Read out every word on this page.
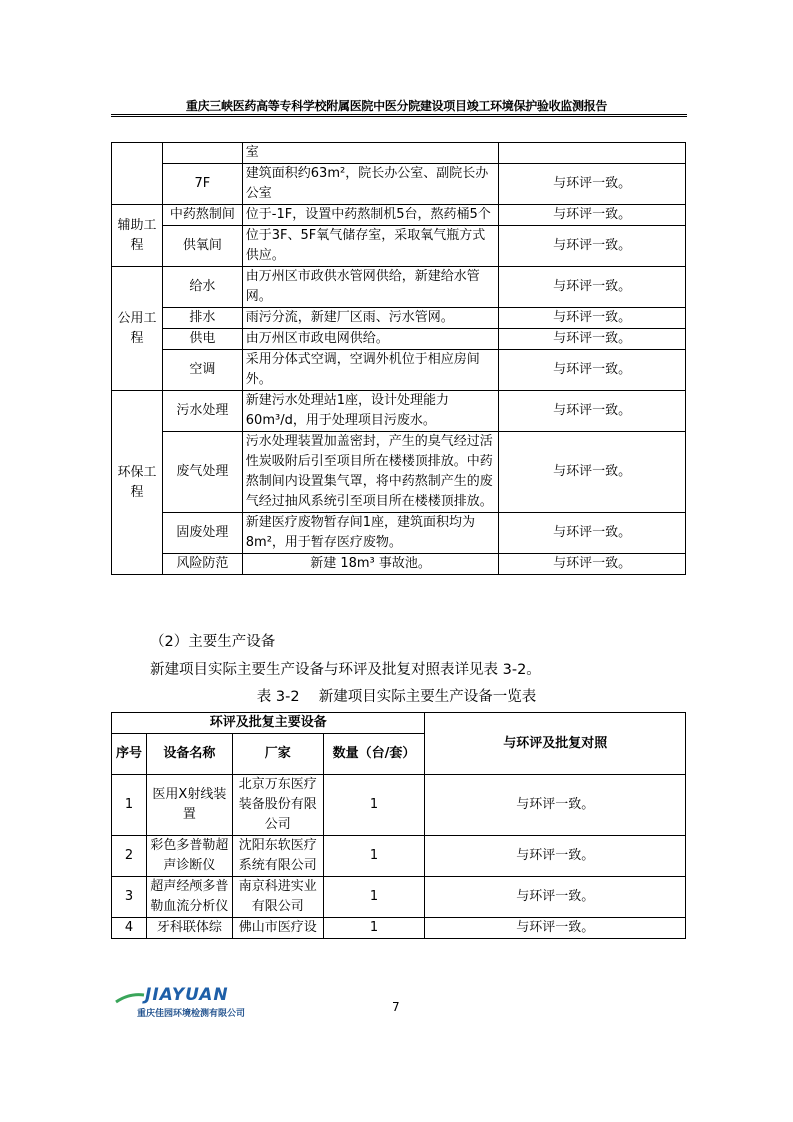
重庆三峡医药高等专科学校附属医院中医分院建设项目竣工环境保护验收监测报告
		室	
	7F	建筑面积约63m²，院长办公室、副院长办公室	与环评一致。
辅助工程	中药熬制间	位于-1F，设置中药熬制机5台，熬药桶5个	与环评一致。
	供氧间	位于3F、5F氧气储存室，采取氧气瓶方式供应。	与环评一致。
公用工程	给水	由万州区市政供水管网供给，新建给水管网。	与环评一致。
	排水	雨污分流，新建厂区雨、污水管网。	与环评一致。
	供电	由万州区市政电网供给。	与环评一致。
	空调	采用分体式空调，空调外机位于相应房间外。	与环评一致。
环保工程	污水处理	新建污水处理站1座，设计处理能力60m³/d，用于处理项目污废水。	与环评一致。
	废气处理	污水处理装置加盖密封，产生的臭气经过活性炭吸附后引至项目所在楼楼顶排放。中药熬制间内设置集气罩，将中药熬制产生的废气经过抽风系统引至项目所在楼楼顶排放。	与环评一致。
	固废处理	新建医疗废物暂存间1座，建筑面积均为8m²，用于暂存医疗废物。	与环评一致。
	风险防范	新建 18m³ 事故池。	与环评一致。
（2）主要生产设备
新建项目实际主要生产设备与环评及批复对照表详见表 3-2。
表 3-2　 新建项目实际主要生产设备一览表
环评及批复主要设备				与环评及批复对照
序号	设备名称	厂家	数量（台/套）	
1	医用X射线装置	北京万东医疗装备股份有限公司	1	与环评一致。
2	彩色多普勒超声诊断仪	沈阳东软医疗系统有限公司	1	与环评一致。
3	超声经颅多普勒血流分析仪	南京科进实业有限公司	1	与环评一致。
4	牙科联体综	佛山市医疗设	1	与环评一致。
JIAYUAN
重庆佳园环境检测有限公司	7
